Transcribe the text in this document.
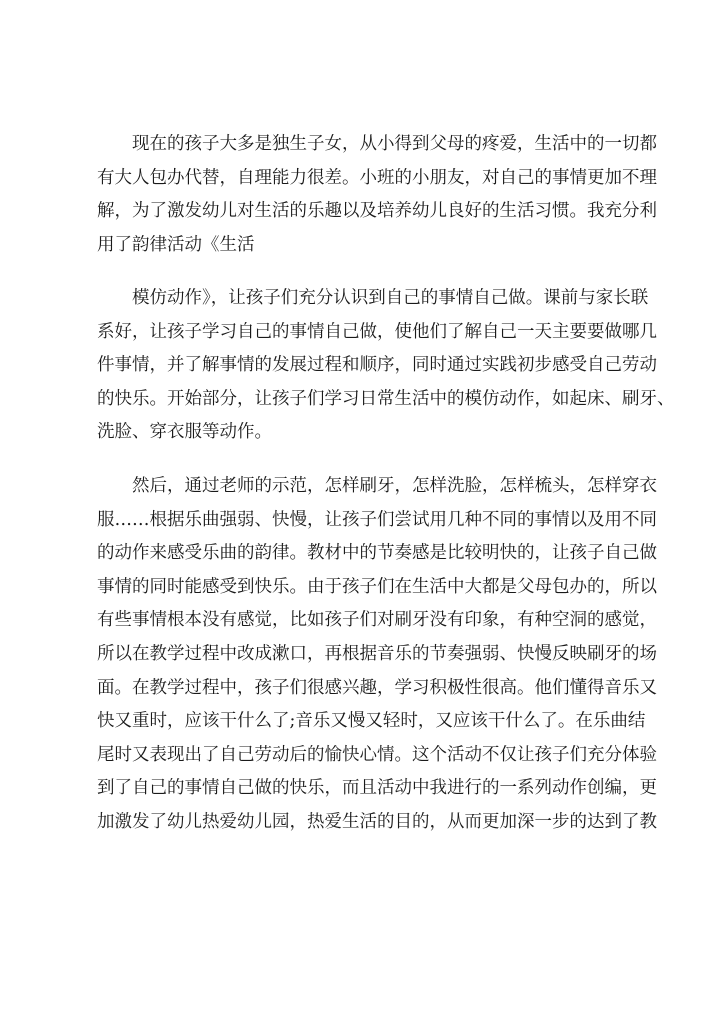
现在的孩子大多是独生子女，从小得到父母的疼爱，生活中的一切都
有大人包办代替，自理能力很差。小班的小朋友，对自己的事情更加不理
解，为了激发幼儿对生活的乐趣以及培养幼儿良好的生活习惯。我充分利
用了韵律活动《生活
模仿动作》，让孩子们充分认识到自己的事情自己做。课前与家长联
系好，让孩子学习自己的事情自己做，使他们了解自己一天主要要做哪几
件事情，并了解事情的发展过程和顺序，同时通过实践初步感受自己劳动
的快乐。开始部分，让孩子们学习日常生活中的模仿动作，如起床、刷牙、
洗脸、穿衣服等动作。
然后，通过老师的示范，怎样刷牙，怎样洗脸，怎样梳头，怎样穿衣
服……根据乐曲强弱、快慢，让孩子们尝试用几种不同的事情以及用不同
的动作来感受乐曲的韵律。教材中的节奏感是比较明快的，让孩子自己做
事情的同时能感受到快乐。由于孩子们在生活中大都是父母包办的，所以
有些事情根本没有感觉，比如孩子们对刷牙没有印象，有种空洞的感觉，
所以在教学过程中改成漱口，再根据音乐的节奏强弱、快慢反映刷牙的场
面。在教学过程中，孩子们很感兴趣，学习积极性很高。他们懂得音乐又
快又重时，应该干什么了;音乐又慢又轻时，又应该干什么了。在乐曲结
尾时又表现出了自己劳动后的愉快心情。这个活动不仅让孩子们充分体验
到了自己的事情自己做的快乐，而且活动中我进行的一系列动作创编，更
加激发了幼儿热爱幼儿园，热爱生活的目的，从而更加深一步的达到了教
